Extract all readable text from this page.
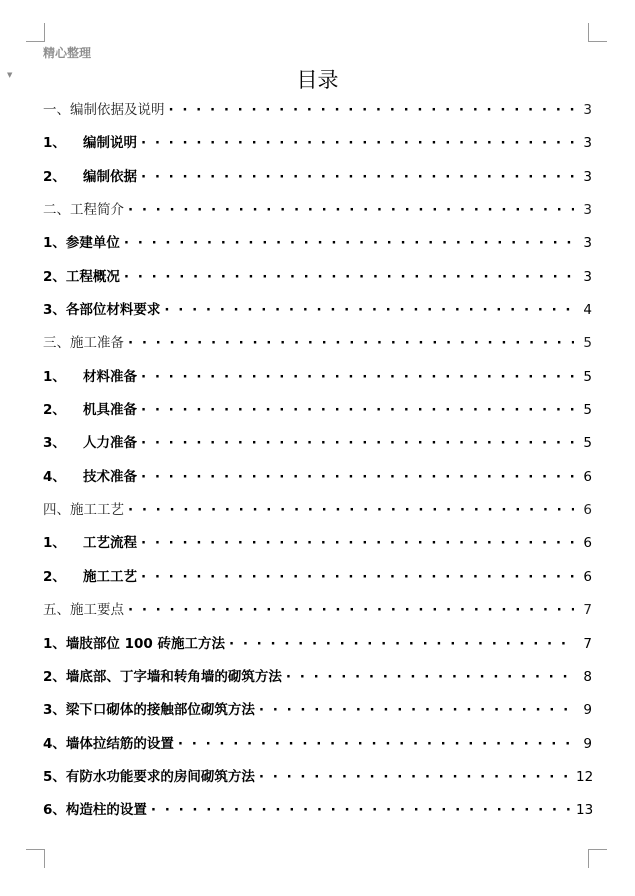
▼
精心整理
目录
一、 编制依据及说明 · · ·	3
1、	编制说明 · · ·	3
2、	编制依据 · · ·	3
二、 工程简介 · · ·	3
1、 参建单位 · · ·	3
2、 工程概况 · · ·	3
3、 各部位材料要求 · · ·	4
三、 施工准备 · · ·	5
1、	材料准备 · · ·	5
2、	机具准备 · · ·	5
3、	人力准备 · · ·	5
4、	技术准备 · · ·	6
四、 施工工艺 · · ·	6
1、	工艺流程 · · ·	6
2、	施工工艺 · · ·	6
五、 施工要点 · · ·	7
1、 墙肢部位 100 砖施工方法 · · ·	7
2、 墙底部、丁字墙和转角墙的砌筑方法 · · ·	8
3、 梁下口砌体的接触部位砌筑方法 · · ·	9
4、 墙体拉结筋的设置 · · ·	9
5、 有防水功能要求的房间砌筑方法 · · ·	12
6、 构造柱的设置 · · ·	13
